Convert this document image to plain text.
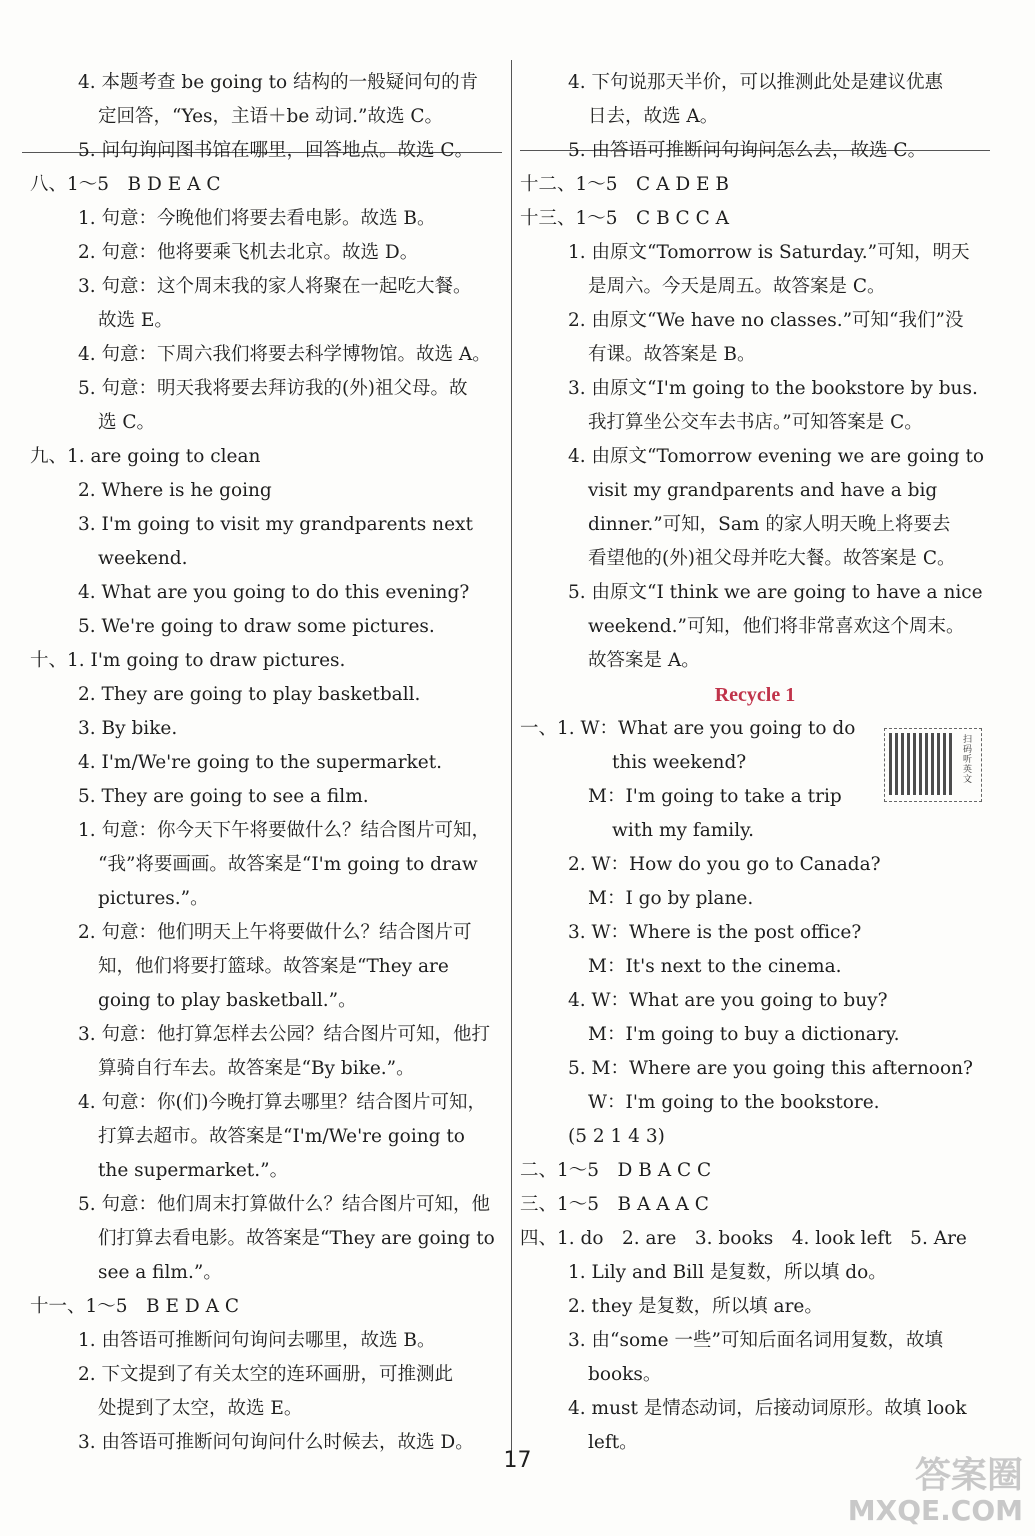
4. 本题考查 be going to 结构的一般疑问句的肯
定回答，“Yes，主语＋be 动词.”故选 C。
5. 问句询问图书馆在哪里，回答地点。故选 C。
八、1～5　B D E A C
1. 句意：今晚他们将要去看电影。故选 B。
2. 句意：他将要乘飞机去北京。故选 D。
3. 句意：这个周末我的家人将聚在一起吃大餐。
故选 E。
4. 句意：下周六我们将要去科学博物馆。故选 A。
5. 句意：明天我将要去拜访我的(外)祖父母。故
选 C。
九、1. are going to clean
2. Where is he going
3. I'm going to visit my grandparents next
weekend.
4. What are you going to do this evening?
5. We're going to draw some pictures.
十、1. I'm going to draw pictures.
2. They are going to play basketball.
3. By bike.
4. I'm/We're going to the supermarket.
5. They are going to see a film.
1. 句意：你今天下午将要做什么？结合图片可知，
“我”将要画画。故答案是“I'm going to draw
pictures.”。
2. 句意：他们明天上午将要做什么？结合图片可
知，他们将要打篮球。故答案是“They are
going to play basketball.”。
3. 句意：他打算怎样去公园？结合图片可知，他打
算骑自行车去。故答案是“By bike.”。
4. 句意：你(们)今晚打算去哪里？结合图片可知，
打算去超市。故答案是“I'm/We're going to
the supermarket.”。
5. 句意：他们周末打算做什么？结合图片可知，他
们打算去看电影。故答案是“They are going to
see a film.”。
十一、1～5　B E D A C
1. 由答语可推断问句询问去哪里，故选 B。
2. 下文提到了有关太空的连环画册，可推测此
处提到了太空，故选 E。
3. 由答语可推断问句询问什么时候去，故选 D。
4. 下句说那天半价，可以推测此处是建议优惠
日去，故选 A。
5. 由答语可推断问句询问怎么去，故选 C。
十二、1～5　C A D E B
十三、1～5　C B C C A
1. 由原文“Tomorrow is Saturday.”可知，明天
是周六。今天是周五。故答案是 C。
2. 由原文“We have no classes.”可知“我们”没
有课。故答案是 B。
3. 由原文“I'm going to the bookstore by bus.
我打算坐公交车去书店。”可知答案是 C。
4. 由原文“Tomorrow evening we are going to
visit my grandparents and have a big
dinner.”可知，Sam 的家人明天晚上将要去
看望他的(外)祖父母并吃大餐。故答案是 C。
5. 由原文“I think we are going to have a nice
weekend.”可知，他们将非常喜欢这个周末。
故答案是 A。
Recycle 1
一、1. W：What are you going to do
this weekend?
M：I'm going to take a trip
with my family.
2. W：How do you go to Canada?
M：I go by plane.
3. W：Where is the post office?
M：It's next to the cinema.
4. W：What are you going to buy?
M：I'm going to buy a dictionary.
5. M：Where are you going this afternoon?
W：I'm going to the bookstore.
(5 2 1 4 3)
二、1～5　D B A C C
三、1～5　B A A A C
四、1. do　2. are　3. books　4. look left　5. Are
1. Lily and Bill 是复数，所以填 do。
2. they 是复数，所以填 are。
3. 由“some 一些”可知后面名词用复数，故填
books。
4. must 是情态动词，后接动词原形。故填 look
left。
扫码听英文
17	答案圈
MXQE.COM
